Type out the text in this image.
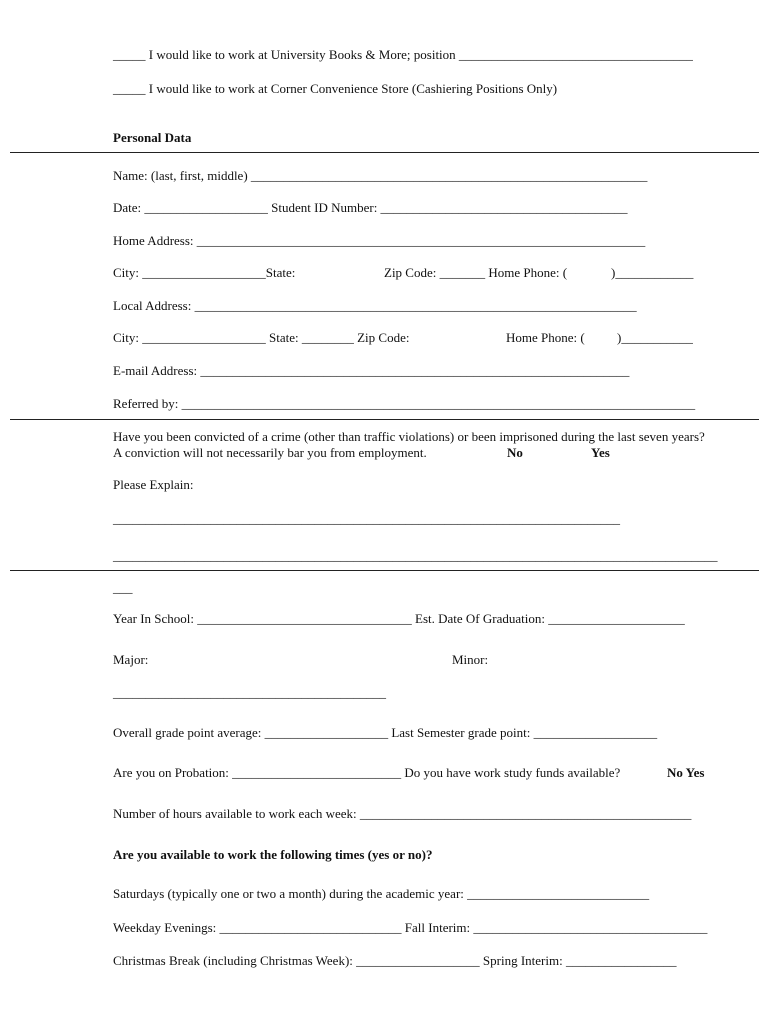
_____ I would like to work at University Books & More; position ____________________________________
_____ I would like to work at Corner Convenience Store (Cashiering Positions Only)
Personal Data
Name: (last, first, middle) _____________________________________________________________
Date: ___________________ Student ID Number: ______________________________________
Home Address: _____________________________________________________________________
City: ___________________State:	Zip Code: _______ Home Phone: (	)____________
Local Address: ____________________________________________________________________
City: ___________________ State: ________ Zip Code:	Home Phone: ( )___________
E-mail Address: __________________________________________________________________
Referred by: _______________________________________________________________________________
Have you been convicted of a crime (other than traffic violations) or been imprisoned during the last seven years?
A conviction will not necessarily bar you from employment.	No	Yes
Please Explain:
______________________________________________________________________________
_____________________________________________________________________________________________
___
Year In School: _________________________________ Est. Date Of Graduation: _____________________
Major:	Minor:
__________________________________________
Overall grade point average: ___________________ Last Semester grade point: ___________________
Are you on Probation: __________________________ Do you have work study funds available?	No Yes
Number of hours available to work each week: ___________________________________________________
Are you available to work the following times (yes or no)?
Saturdays (typically one or two a month) during the academic year: ____________________________
Weekday Evenings: ____________________________ Fall Interim: ____________________________________
Christmas Break (including Christmas Week): ___________________ Spring Interim: _________________
